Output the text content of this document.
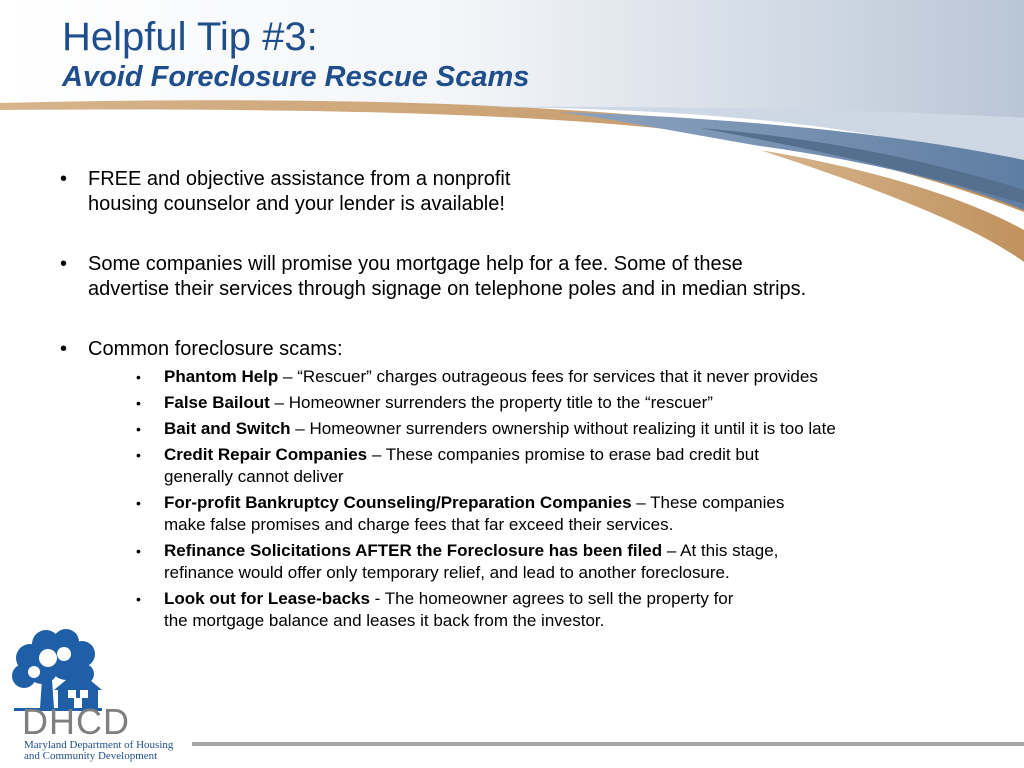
Helpful Tip #3:
Avoid Foreclosure Rescue Scams
• FREE and objective assistance from a nonprofit
housing counselor and your lender is available!
• Some companies will promise you mortgage help for a fee. Some of these
advertise their services through signage on telephone poles and in median strips.
• Common foreclosure scams:
• Phantom Help – “Rescuer” charges outrageous fees for services that it never provides
• False Bailout – Homeowner surrenders the property title to the “rescuer”
• Bait and Switch – Homeowner surrenders ownership without realizing it until it is too late
• Credit Repair Companies – These companies promise to erase bad credit but
generally cannot deliver
• For-profit Bankruptcy Counseling/Preparation Companies – These companies
make false promises and charge fees that far exceed their services.
• Refinance Solicitations AFTER the Foreclosure has been filed – At this stage,
refinance would offer only temporary relief, and lead to another foreclosure.
• Look out for Lease-backs - The homeowner agrees to sell the property for
the mortgage balance and leases it back from the investor.
DHCD
Maryland Department of Housing
and Community Development
